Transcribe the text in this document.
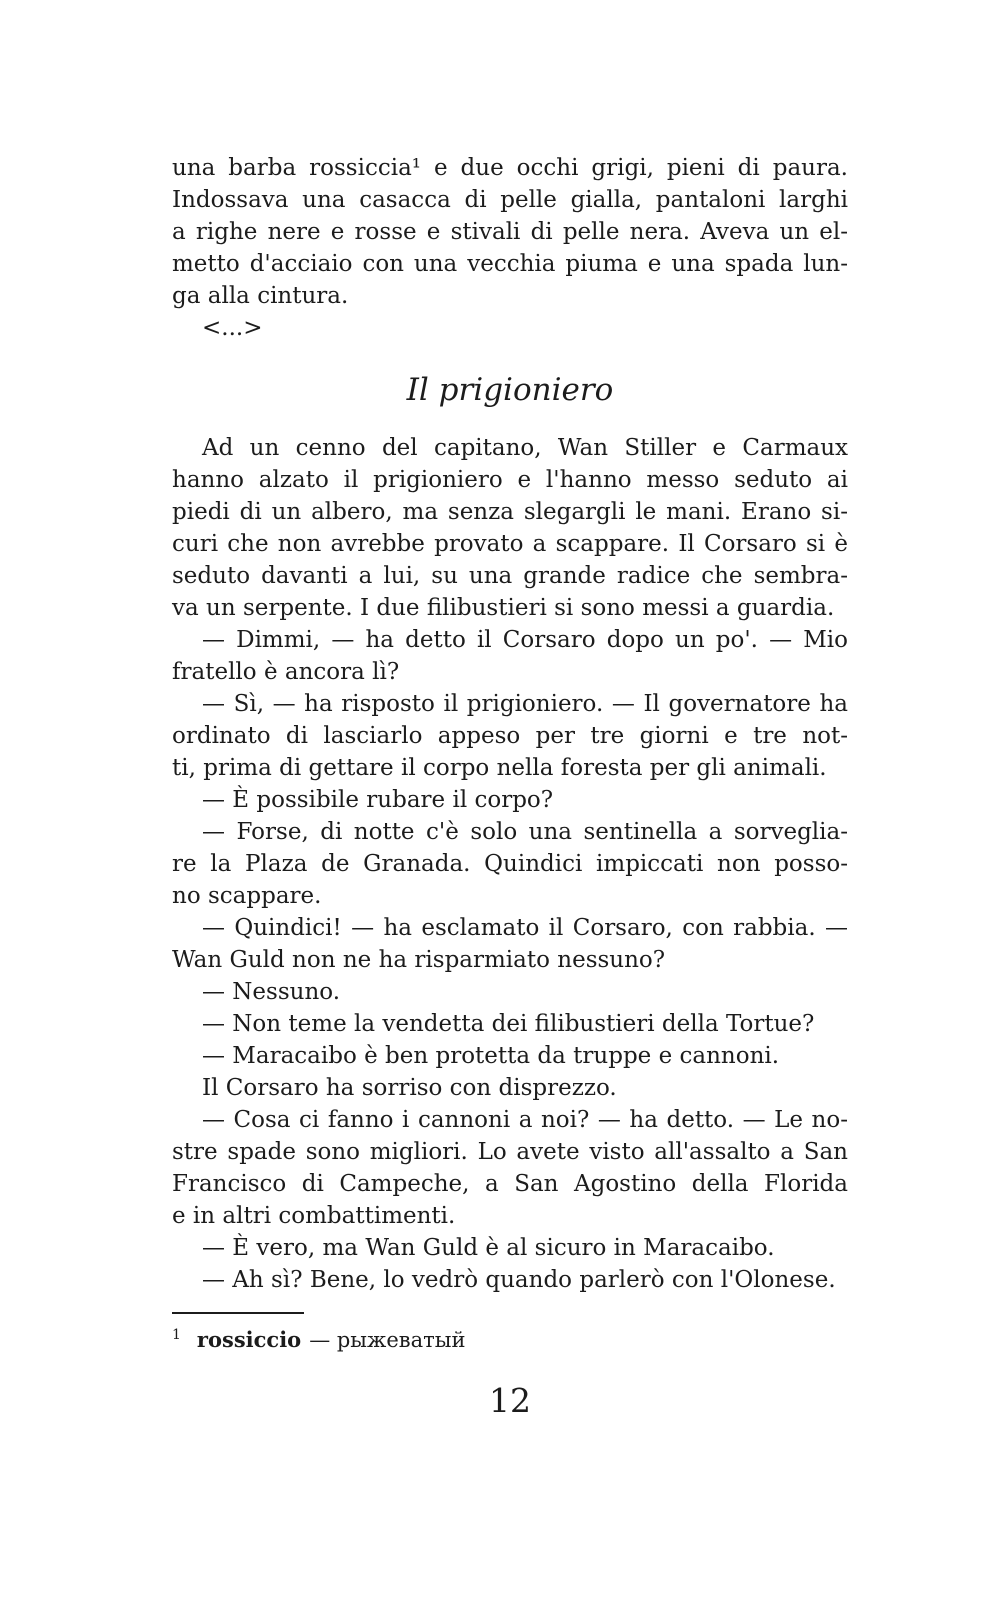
una barba rossiccia¹ e due occhi grigi, pieni di paura.
Indossava una casacca di pelle gialla, pantaloni larghi
a righe nere e rosse e stivali di pelle nera. Aveva un el-
metto d'acciaio con una vecchia piuma e una spada lun-
ga alla cintura.
<...>
Il prigioniero
Ad un cenno del capitano, Wan Stiller e Carmaux
hanno alzato il prigioniero e l'hanno messo seduto ai
piedi di un albero, ma senza slegargli le mani. Erano si-
curi che non avrebbe provato a scappare. Il Corsaro si è
seduto davanti a lui, su una grande radice che sembra-
va un serpente. I due filibustieri si sono messi a guardia.
— Dimmi, — ha detto il Corsaro dopo un po'. — Mio
fratello è ancora lì?
— Sì, — ha risposto il prigioniero. — Il governatore ha
ordinato di lasciarlo appeso per tre giorni e tre not-
ti, prima di gettare il corpo nella foresta per gli animali.
— È possibile rubare il corpo?
— Forse, di notte c'è solo una sentinella a sorveglia-
re la Plaza de Granada. Quindici impiccati non posso-
no scappare.
— Quindici! — ha esclamato il Corsaro, con rabbia. —
Wan Guld non ne ha risparmiato nessuno?
— Nessuno.
— Non teme la vendetta dei filibustieri della Tortue?
— Maracaibo è ben protetta da truppe e cannoni.
Il Corsaro ha sorriso con disprezzo.
— Cosa ci fanno i cannoni a noi? — ha detto. — Le no-
stre spade sono migliori. Lo avete visto all'assalto a San
Francisco di Campeche, a San Agostino della Florida
e in altri combattimenti.
— È vero, ma Wan Guld è al sicuro in Maracaibo.
— Ah sì? Bene, lo vedrò quando parlerò con l'Olonese.
$^1$ rossiccio — рыжеватый
12
